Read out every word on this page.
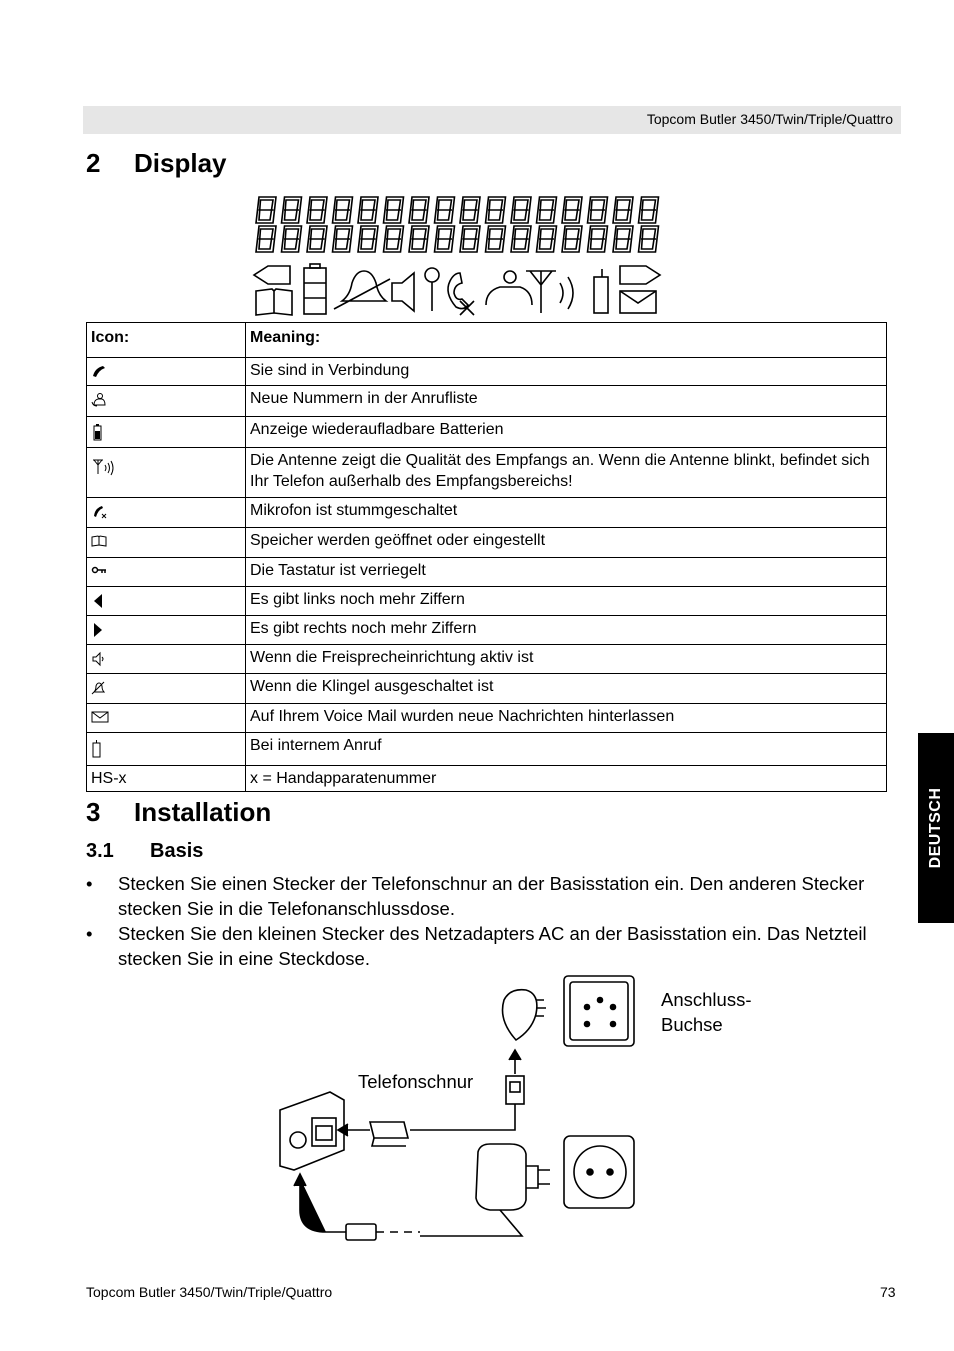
Topcom Butler 3450/Twin/Triple/Quattro
2 Display
Icon:	Meaning:
	Sie sind in Verbindung
	Neue Nummern in der Anrufliste
	Anzeige wiederaufladbare Batterien
	Die Antenne zeigt die Qualität des Empfangs an. Wenn die Antenne blinkt, befindet sich Ihr Telefon außerhalb des Empfangsbereichs!
	Mikrofon ist stummgeschaltet
	Speicher werden geöffnet oder eingestellt
	Die Tastatur ist verriegelt
	Es gibt links noch mehr Ziffern
	Es gibt rechts noch mehr Ziffern
	Wenn die Freisprecheinrichtung aktiv ist
	Wenn die Klingel ausgeschaltet ist
	Auf Ihrem Voice Mail wurden neue Nachrichten hinterlassen
	Bei internem Anruf
HS-x	x = Handapparatenummer
3 Installation
3.1 Basis
• Stecken Sie einen Stecker der Telefonschnur an der Basisstation ein. Den anderen Stecker stecken Sie in die Telefonanschlussdose.
• Stecken Sie den kleinen Stecker des Netzadapters AC an der Basisstation ein. Das Netzteil stecken Sie in eine Steckdose.
Anschluss-
Buchse
Telefonschnur
DEUTSCH
Topcom Butler 3450/Twin/Triple/Quattro	73
